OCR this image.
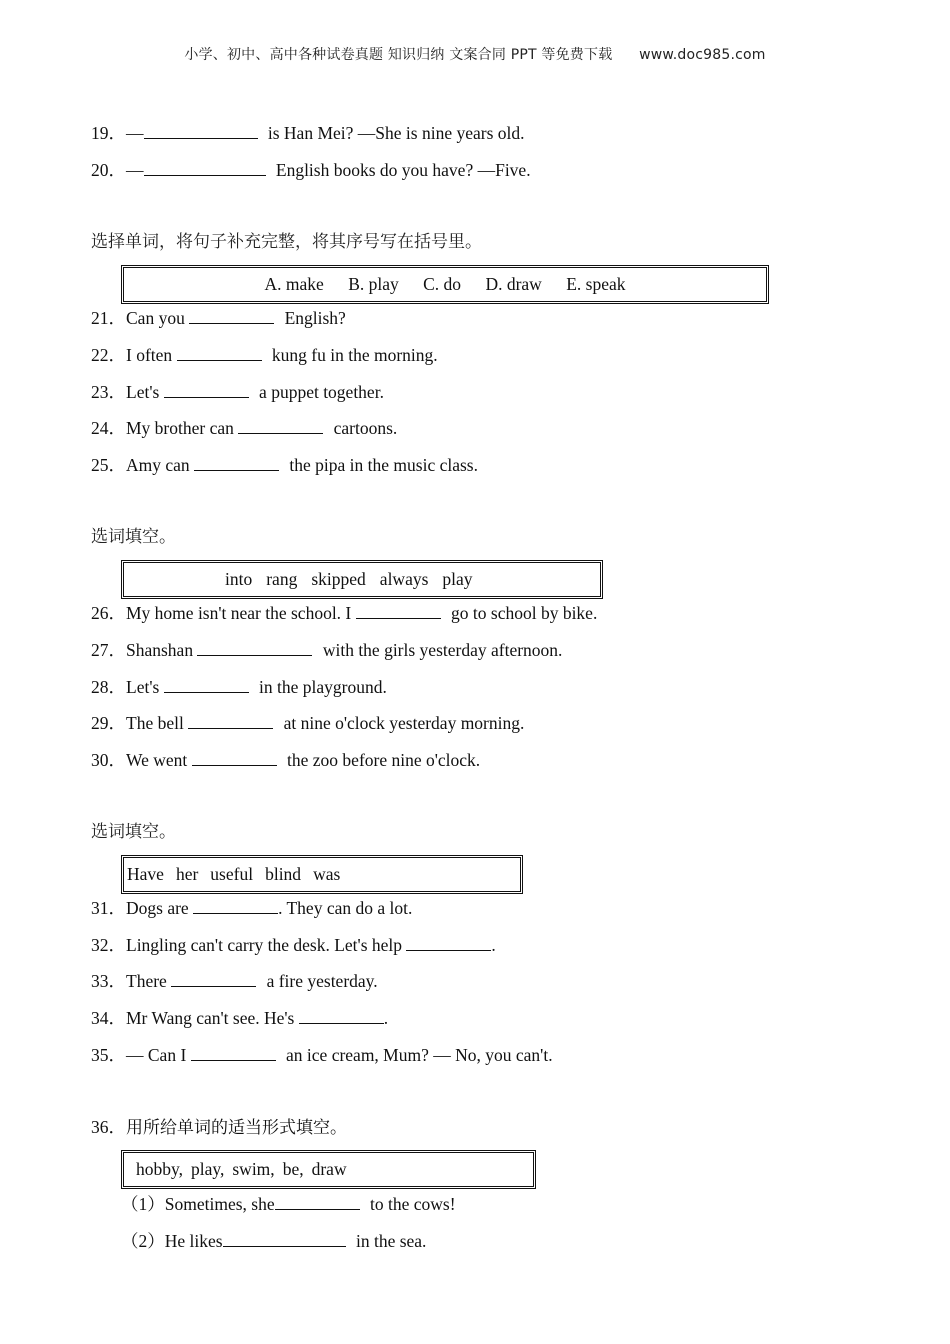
小学、初中、高中各种试卷真题 知识归纳 文案合同 PPT 等免费下载 www.doc985.com
19．—	is Han Mei? —She is nine years old.
20．—	English books do you have? —Five.
选择单词，将句子补充完整，将其序号写在括号里。
A. make B. play C. do D. draw E. speak
21．Can you	English?
22．I often	kung fu in the morning.
23．Let's	a puppet together.
24．My brother can	cartoons.
25．Amy can	the pipa in the music class.
选词填空。
into rang skipped always play
26．My home isn't near the school. I	go to school by bike.
27．Shanshan	with the girls yesterday afternoon.
28．Let's	in the playground.
29．The bell	at nine o'clock yesterday morning.
30．We went	the zoo before nine o'clock.
选词填空。
Have her useful blind was
31．Dogs are	. They can do a lot.
32．Lingling can't carry the desk. Let's help	.
33．There	a fire yesterday.
34．Mr Wang can't see. He's	.
35．— Can I	an ice cream, Mum? — No, you can't.
36．用所给单词的适当形式填空。
hobby, play, swim, be, draw
（1）Sometimes, she	to the cows!
（2）He likes	in the sea.
